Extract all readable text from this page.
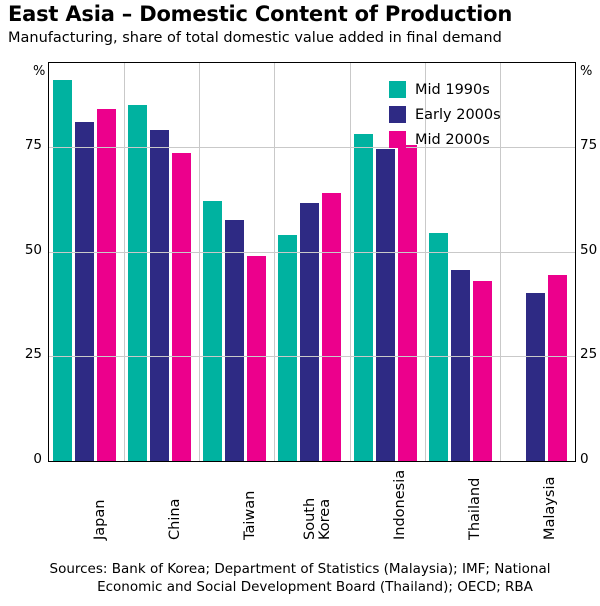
East Asia – Domestic Content of Production
Manufacturing, share of total domestic value added in final demand
%	%
Mid 1990s
Early 2000s
Mid 2000s
0	0
25	25
50	50
75	75
Japan	China	Taiwan	South Korea	Indonesia	Thailand	Malaysia
Sources: Bank of Korea; Department of Statistics (Malaysia); IMF; National
Economic and Social Development Board (Thailand); OECD; RBA
